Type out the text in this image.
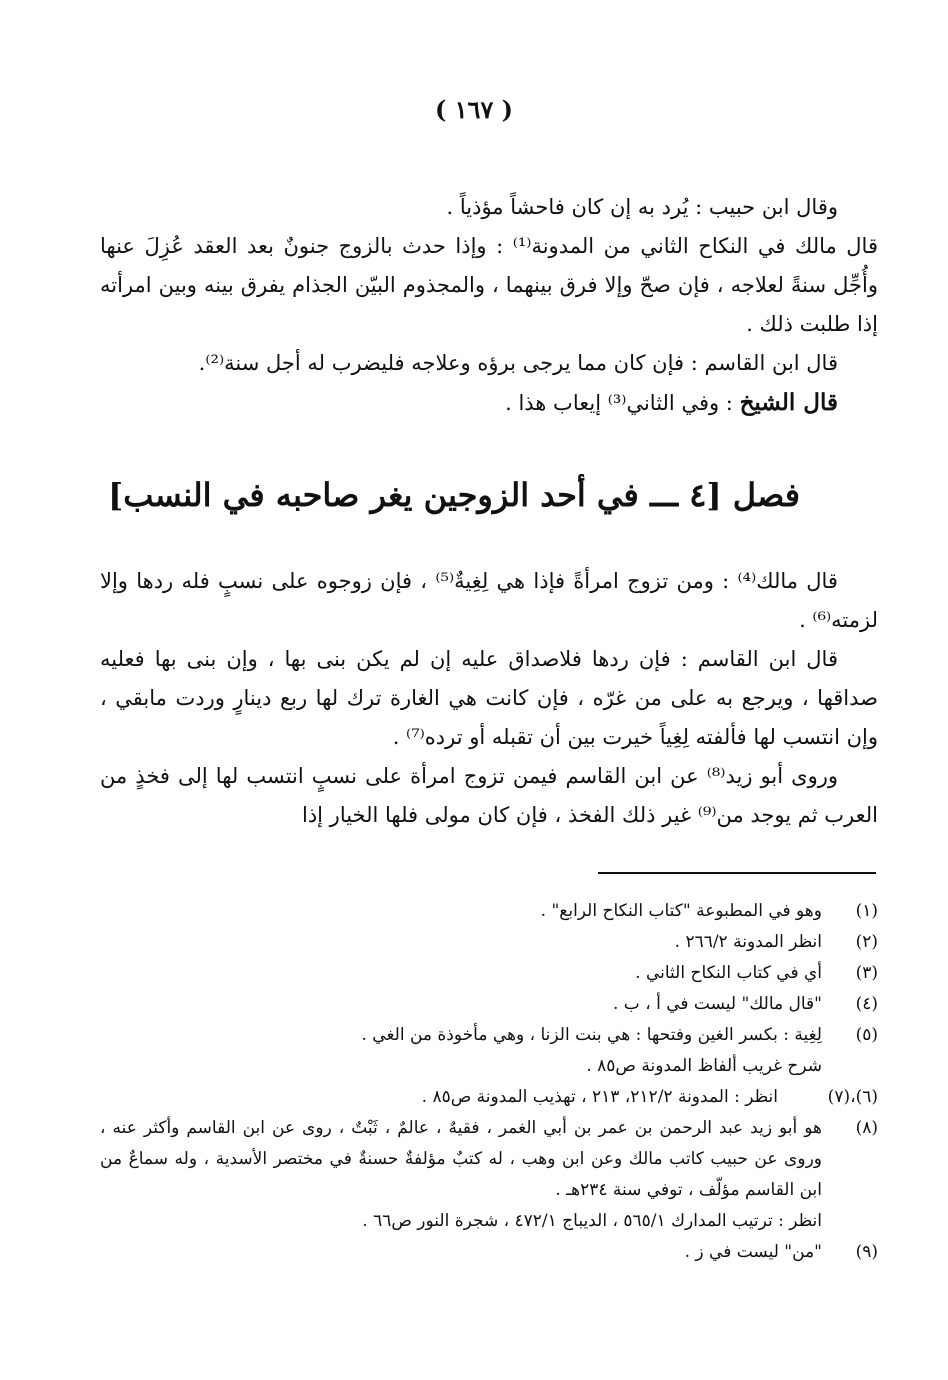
( ١٦٧ )

وقال ابن حبيب : يُرد به إن كان فاحشاً مؤذياً .

قال مالك في النكاح الثاني من المدونة⁽¹⁾ : وإذا حدث بالزوج جنونٌ بعد العقد عُزِلَ عنها وأُجِّل سنةً لعلاجه ، فإن صحّ وإلا فرق بينهما ، والمجذوم البيّن الجذام يفرق بينه وبين امرأته إذا طلبت ذلك .

قال ابن القاسم : فإن كان مما يرجى برؤه وعلاجه فليضرب له أجل سنة⁽²⁾.

قال الشيخ : وفي الثاني⁽³⁾ إيعاب هذا .

فصل [٤ ـــ في أحد الزوجين يغر صاحبه في النسب]

قال مالك⁽⁴⁾ : ومن تزوج امرأةً فإذا هي لِغِيةٌ⁽⁵⁾ ، فإن زوجوه على نسبٍ فله ردها وإلا لزمته⁽⁶⁾ .

قال ابن القاسم : فإن ردها فلاصداق عليه إن لم يكن بنى بها ، وإن بنى بها فعليه صداقها ، ويرجع به على من غرّه ، فإن كانت هي الغارة ترك لها ربع دينارٍ وردت مابقي ، وإن انتسب لها فألفته لِغِياً خيرت بين أن تقبله أو ترده⁽⁷⁾ .

وروى أبو زيد⁽⁸⁾ عن ابن القاسم فيمن تزوج امرأة على نسبٍ انتسب لها إلى فخذٍ من العرب ثم يوجد من⁽⁹⁾ غير ذلك الفخذ ، فإن كان مولى فلها الخيار إذا

(١)
وهو في المطبوعة "كتاب النكاح الرابع" .
(٢)
انظر المدونة ٢٦٦/٢ .
(٣)
أي في كتاب النكاح الثاني .
(٤)
"قال مالك" ليست في أ ، ب .
(٥)
لِغِية : بكسر الغين وفتحها : هي بنت الزنا ، وهي مأخوذة من الغي .
شرح غريب ألفاظ المدونة ص٨٥ .
(٦)،(٧)
انظر : المدونة ٢١٢/٢، ٢١٣ ، تهذيب المدونة ص٨٥ .
(٨)
هو أبو زيد عبد الرحمن بن عمر بن أبي الغمر ، فقيهٌ ، عالمٌ ، ثَبْتٌ ، روى عن ابن القاسم وأكثر عنه ، وروى عن حبيب كاتب مالك وعن ابن وهب ، له كتبٌ مؤلفةٌ حسنةٌ في مختصر الأسدية ، وله سماعٌ من ابن القاسم مؤلّف ، توفي سنة ٢٣٤هـ .
انظر : ترتيب المدارك ٥٦٥/١ ، الديباج ٤٧٢/١ ، شجرة النور ص٦٦ .
(٩)
"من" ليست في ز .
